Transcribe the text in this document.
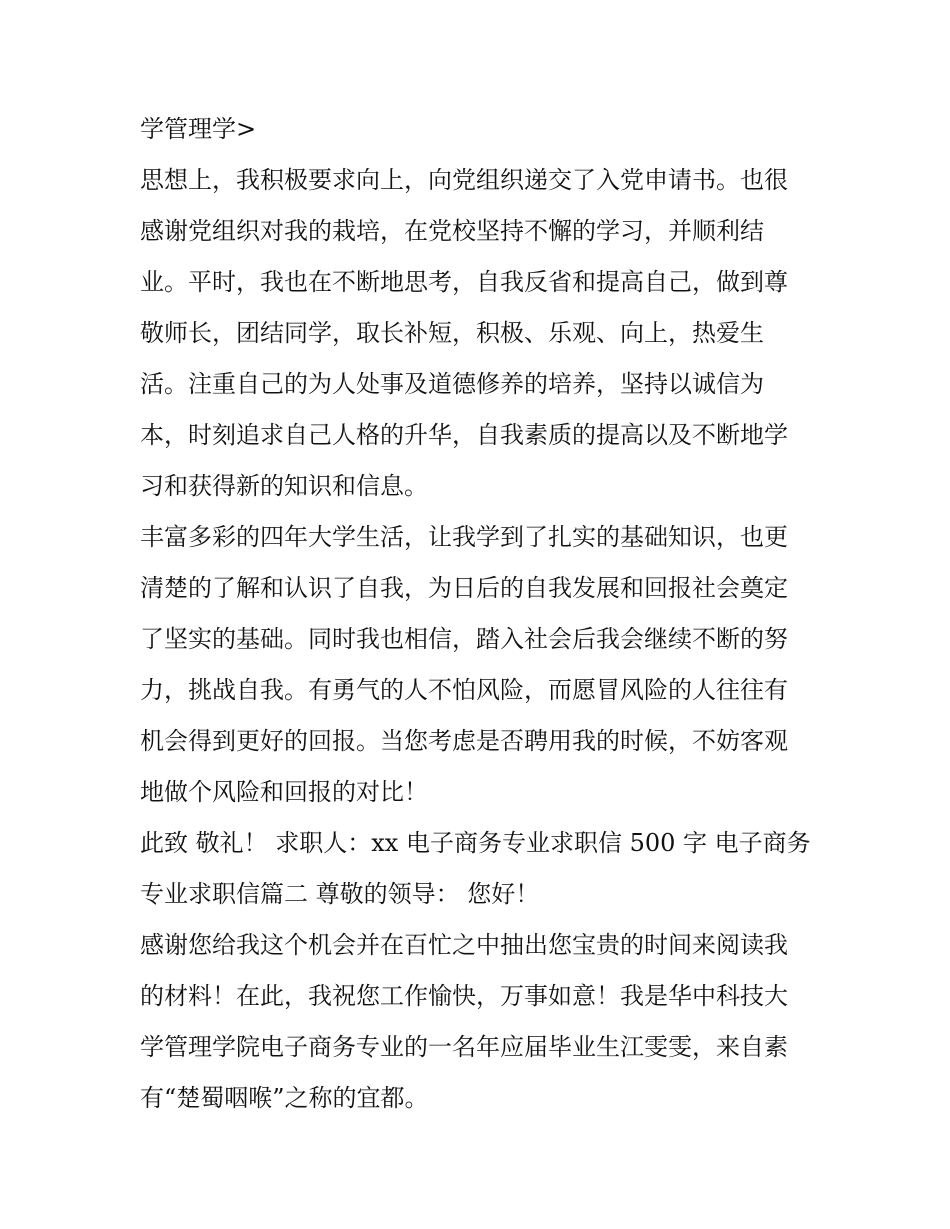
学管理学>
思想上，我积极要求向上，向党组织递交了入党申请书。也很
感谢党组织对我的栽培，在党校坚持不懈的学习，并顺利结
业。平时，我也在不断地思考，自我反省和提高自己，做到尊
敬师长，团结同学，取长补短，积极、乐观、向上，热爱生
活。注重自己的为人处事及道德修养的培养，坚持以诚信为
本，时刻追求自己人格的升华，自我素质的提高以及不断地学
习和获得新的知识和信息。
丰富多彩的四年大学生活，让我学到了扎实的基础知识，也更
清楚的了解和认识了自我，为日后的自我发展和回报社会奠定
了坚实的基础。同时我也相信，踏入社会后我会继续不断的努
力，挑战自我。有勇气的人不怕风险，而愿冒风险的人往往有
机会得到更好的回报。当您考虑是否聘用我的时候，不妨客观
地做个风险和回报的对比！
此致 敬礼！ 求职人：xx 电子商务专业求职信 500 字 电子商务
专业求职信篇二 尊敬的领导： 您好！
感谢您给我这个机会并在百忙之中抽出您宝贵的时间来阅读我
的材料！在此，我祝您工作愉快，万事如意！我是华中科技大
学管理学院电子商务专业的一名年应届毕业生江雯雯，来自素
有“楚蜀咽喉”之称的宜都。
